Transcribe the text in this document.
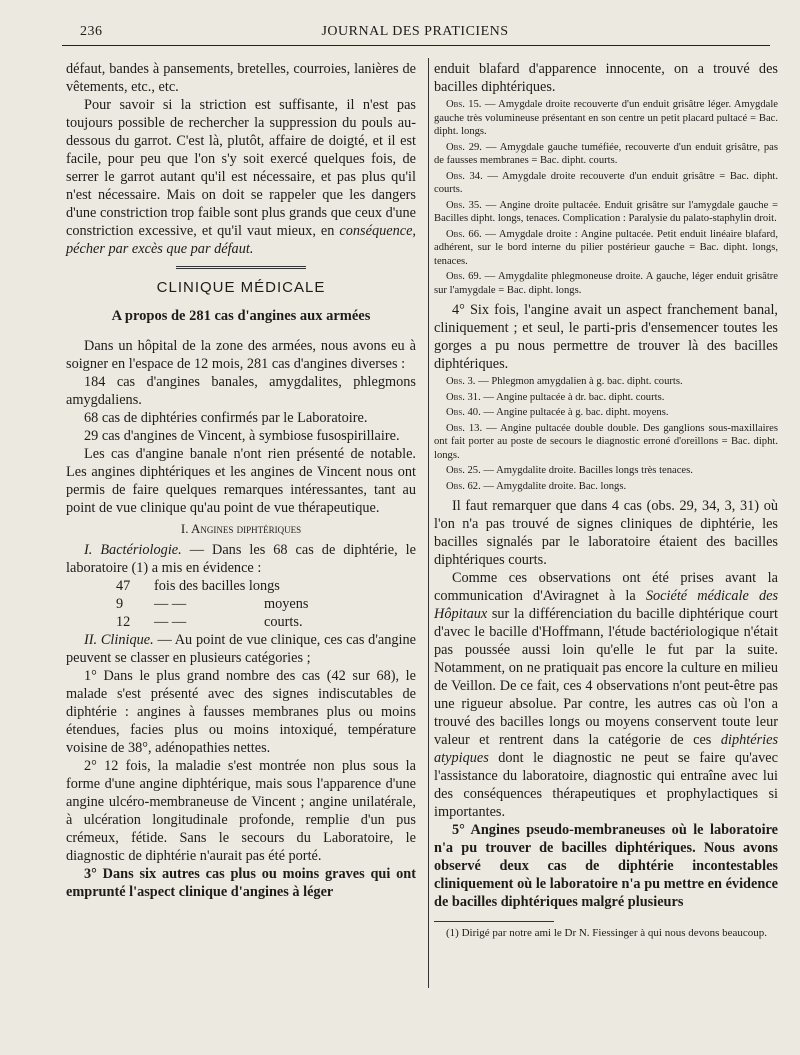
236	JOURNAL DES PRATICIENS

défaut, bandes à pansements, bretelles, courroies, lanières de vêtements, etc., etc.

Pour savoir si la striction est suffisante, il n'est pas toujours possible de rechercher la suppression du pouls au-dessous du garrot. C'est là, plutôt, affaire de doigté, et il est facile, pour peu que l'on s'y soit exercé quelques fois, de serrer le garrot autant qu'il est nécessaire, et pas plus qu'il n'est nécessaire. Mais on doit se rappeler que les dangers d'une constriction trop faible sont plus grands que ceux d'une constriction excessive, et qu'il vaut mieux, en conséquence, pécher par excès que par défaut.

CLINIQUE MÉDICALE
A propos de 281 cas d'angines aux armées

Dans un hôpital de la zone des armées, nous avons eu à soigner en l'espace de 12 mois, 281 cas d'angines diverses :

184 cas d'angines banales, amygdalites, phlegmons amygdaliens.

68 cas de diphtéries confirmés par le Laboratoire.

29 cas d'angines de Vincent, à symbiose fusospirillaire.

Les cas d'angine banale n'ont rien présenté de notable. Les angines diphtériques et les angines de Vincent nous ont permis de faire quelques remarques intéressantes, tant au point de vue clinique qu'au point de vue thérapeutique.

I. Angines diphtériques

I. Bactériologie. — Dans les 68 cas de diphtérie, le laboratoire (1) a mis en évidence :

47	fois des bacilles longs
9	— —	moyens
12	— —	courts.

II. Clinique. — Au point de vue clinique, ces cas d'angine peuvent se classer en plusieurs catégories ;

1° Dans le plus grand nombre des cas (42 sur 68), le malade s'est présenté avec des signes indiscutables de diphtérie : angines à fausses membranes plus ou moins étendues, facies plus ou moins intoxiqué, température voisine de 38°, adénopathies nettes.

2° 12 fois, la maladie s'est montrée non plus sous la forme d'une angine diphtérique, mais sous l'apparence d'une angine ulcéro-membraneuse de Vincent ; angine unilatérale, à ulcération longitudinale profonde, remplie d'un pus crémeux, fétide. Sans le secours du Laboratoire, le diagnostic de diphtérie n'aurait pas été porté.

3° Dans six autres cas plus ou moins graves qui ont emprunté l'aspect clinique d'angines à léger

enduit blafard d'apparence innocente, on a trouvé des bacilles diphtériques.

Obs. 15. — Amygdale droite recouverte d'un enduit grisâtre léger. Amygdale gauche très volumineuse présentant en son centre un petit placard pultacé = Bac. dipht. longs.

Obs. 29. — Amygdale gauche tuméfiée, recouverte d'un enduit grisâtre, pas de fausses membranes = Bac. dipht. courts.

Obs. 34. — Amygdale droite recouverte d'un enduit grisâtre = Bac. dipht. courts.

Obs. 35. — Angine droite pultacée. Enduit grisâtre sur l'amygdale gauche = Bacilles dipht. longs, tenaces. Complication : Paralysie du palato-staphylin droit.

Obs. 66. — Amygdale droite : Angine pultacée. Petit enduit linéaire blafard, adhérent, sur le bord interne du pilier postérieur gauche = Bac. dipht. longs, tenaces.

Obs. 69. — Amygdalite phlegmoneuse droite. A gauche, léger enduit grisâtre sur l'amygdale = Bac. dipht. longs.

4° Six fois, l'angine avait un aspect franchement banal, cliniquement ; et seul, le parti-pris d'ensemencer toutes les gorges a pu nous permettre de trouver là des bacilles diphtériques.

Obs. 3. — Phlegmon amygdalien à g. bac. dipht. courts.

Obs. 31. — Angine pultacée à dr. bac. dipht. courts.

Obs. 40. — Angine pultacée à g. bac. dipht. moyens.

Obs. 13. — Angine pultacée double double. Des ganglions sous-maxillaires ont fait porter au poste de secours le diagnostic erroné d'oreillons = Bac. dipht. longs.

Obs. 25. — Amygdalite droite. Bacilles longs très tenaces.

Obs. 62. — Amygdalite droite. Bac. longs.

Il faut remarquer que dans 4 cas (obs. 29, 34, 3, 31) où l'on n'a pas trouvé de signes cliniques de diphtérie, les bacilles signalés par le laboratoire étaient des bacilles diphtériques courts.

Comme ces observations ont été prises avant la communication d'Aviragnet à la Société médicale des Hôpitaux sur la différenciation du bacille diphtérique court d'avec le bacille d'Hoffmann, l'étude bactériologique n'était pas poussée aussi loin qu'elle le fut par la suite. Notamment, on ne pratiquait pas encore la culture en milieu de Veillon. De ce fait, ces 4 observations n'ont peut-être pas une rigueur absolue. Par contre, les autres cas où l'on a trouvé des bacilles longs ou moyens conservent toute leur valeur et rentrent dans la catégorie de ces diphtéries atypiques dont le diagnostic ne peut se faire qu'avec l'assistance du laboratoire, diagnostic qui entraîne avec lui des conséquences thérapeutiques et prophylactiques si importantes.

5° Angines pseudo-membraneuses où le laboratoire n'a pu trouver de bacilles diphtériques. Nous avons observé deux cas de diphtérie incontestables cliniquement où le laboratoire n'a pu mettre en évidence de bacilles diphtériques malgré plusieurs

(1) Dirigé par notre ami le Dr N. Fiessinger à qui nous devons beaucoup.
